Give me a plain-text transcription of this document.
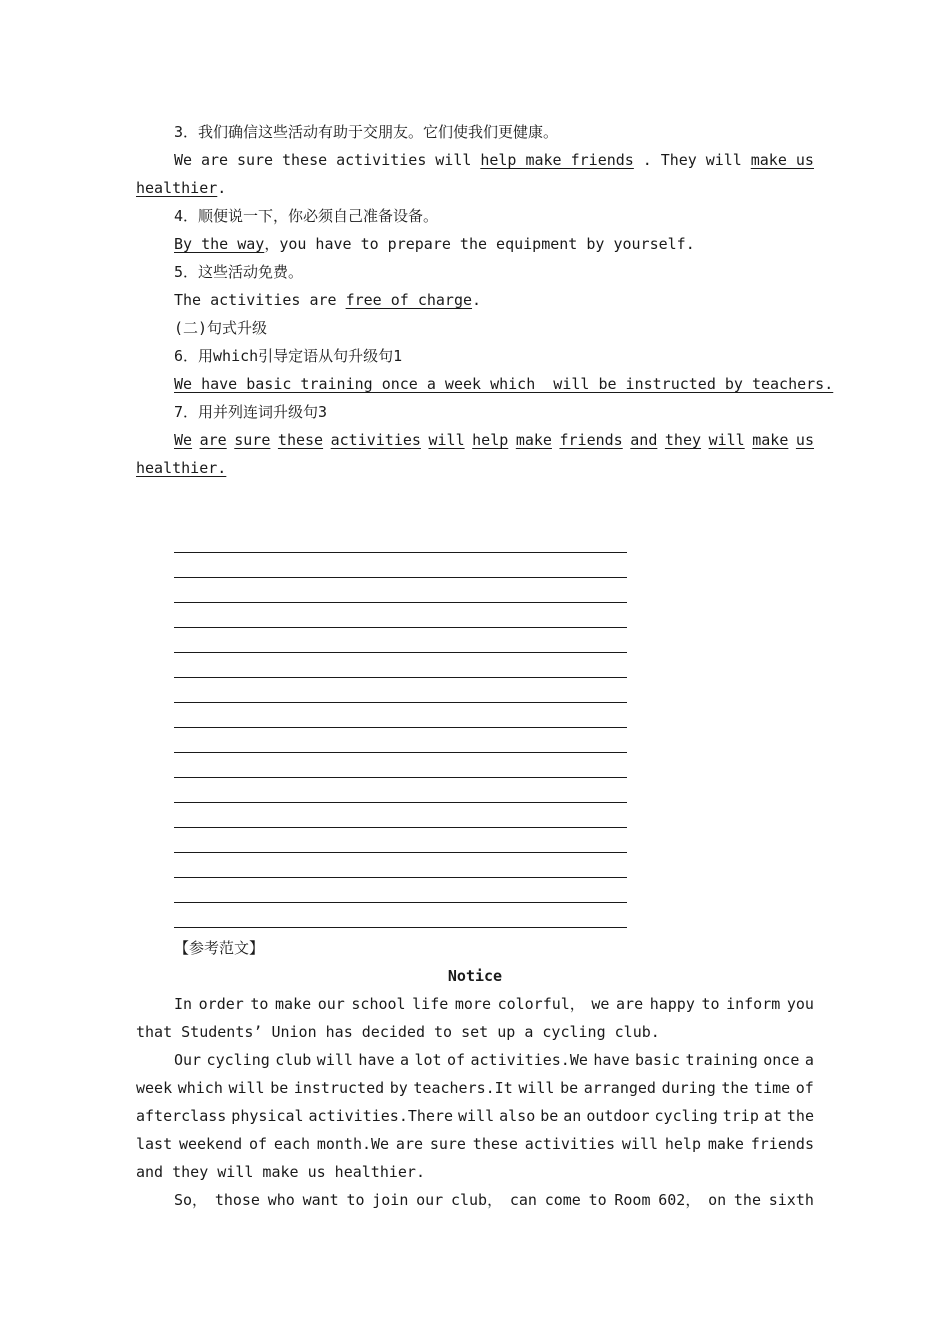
3．我们确信这些活动有助于交朋友。它们使我们更健康。
We are sure these activities will help make friends . They will make us
healthier.
4．顺便说一下，你必须自己准备设备。
By the way，you have to prepare the equipment by yourself.
5．这些活动免费。
The activities are free of charge.
(二)句式升级
6．用which引导定语从句升级句1
We have basic training once a week which  will be instructed by teachers.
7．用并列连词升级句3
We are sure these activities will help make friends and they will make us
healthier.
【参考范文】
Notice
In order to make our school life more colorful， we are happy to inform you
that Students’ Union has decided to set up a cycling club.
Our cycling club will have a lot of activities.We have basic training once a
week which will be instructed by teachers.It will be arranged during the time of
afterclass physical activities.There will also be an outdoor cycling trip at the
last weekend of each month.We are sure these activities will help make friends
and they will make us healthier.
So， those who want to join our club， can come to Room 602， on the sixth
